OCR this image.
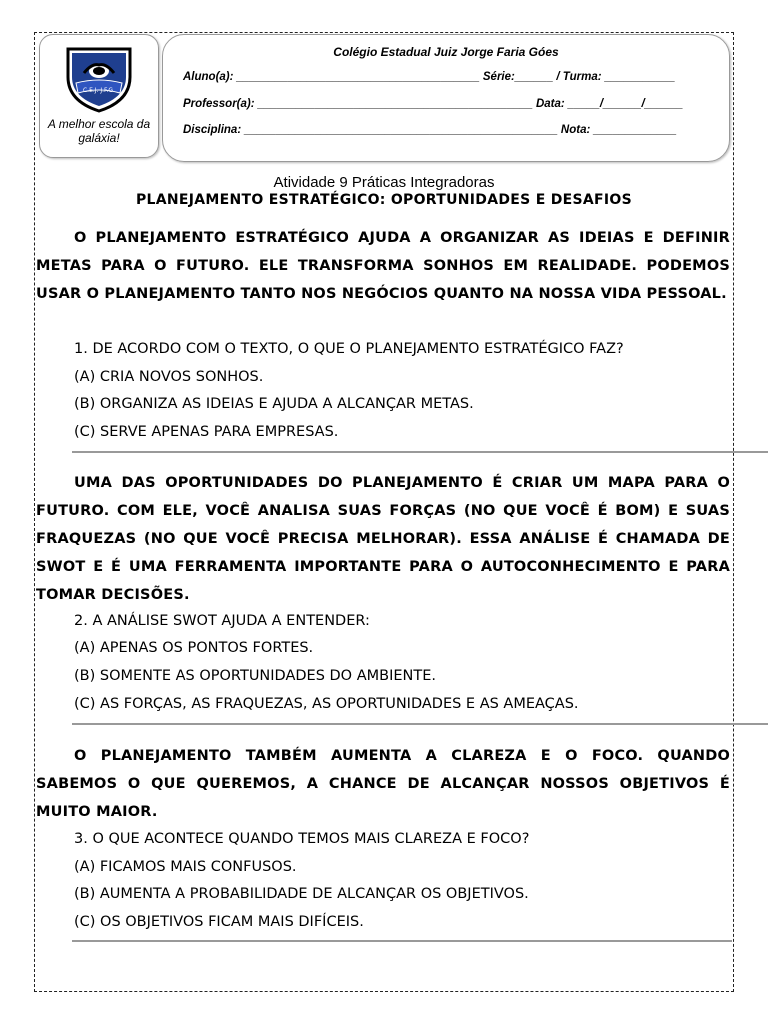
C.E.J. J.F.G.
A melhor escola da galáxia!
Colégio Estadual Juiz Jorge Faria Góes
Aluno(a): ______________________________________ Série:______ / Turma: ___________
Professor(a): ___________________________________________ Data: _____/______/______
Disciplina: _________________________________________________ Nota: _____________
Atividade 9 Práticas Integradoras
PLANEJAMENTO ESTRATÉGICO: OPORTUNIDADES E DESAFIOS
O PLANEJAMENTO ESTRATÉGICO AJUDA A ORGANIZAR AS IDEIAS E DEFINIR METAS PARA O FUTURO. ELE TRANSFORMA SONHOS EM REALIDADE. PODEMOS USAR O PLANEJAMENTO TANTO NOS NEGÓCIOS QUANTO NA NOSSA VIDA PESSOAL.
1. DE ACORDO COM O TEXTO, O QUE O PLANEJAMENTO ESTRATÉGICO FAZ?
(A) CRIA NOVOS SONHOS.
(B) ORGANIZA AS IDEIAS E AJUDA A ALCANÇAR METAS.
(C) SERVE APENAS PARA EMPRESAS.
UMA DAS OPORTUNIDADES DO PLANEJAMENTO É CRIAR UM MAPA PARA O FUTURO. COM ELE, VOCÊ ANALISA SUAS FORÇAS (NO QUE VOCÊ É BOM) E SUAS FRAQUEZAS (NO QUE VOCÊ PRECISA MELHORAR). ESSA ANÁLISE É CHAMADA DE SWOT E É UMA FERRAMENTA IMPORTANTE PARA O AUTOCONHECIMENTO E PARA TOMAR DECISÕES.
2. A ANÁLISE SWOT AJUDA A ENTENDER:
(A) APENAS OS PONTOS FORTES.
(B) SOMENTE AS OPORTUNIDADES DO AMBIENTE.
(C) AS FORÇAS, AS FRAQUEZAS, AS OPORTUNIDADES E AS AMEAÇAS.
O PLANEJAMENTO TAMBÉM AUMENTA A CLAREZA E O FOCO. QUANDO SABEMOS O QUE QUEREMOS, A CHANCE DE ALCANÇAR NOSSOS OBJETIVOS É MUITO MAIOR.
3. O QUE ACONTECE QUANDO TEMOS MAIS CLAREZA E FOCO?
(A) FICAMOS MAIS CONFUSOS.
(B) AUMENTA A PROBABILIDADE DE ALCANÇAR OS OBJETIVOS.
(C) OS OBJETIVOS FICAM MAIS DIFÍCEIS.
